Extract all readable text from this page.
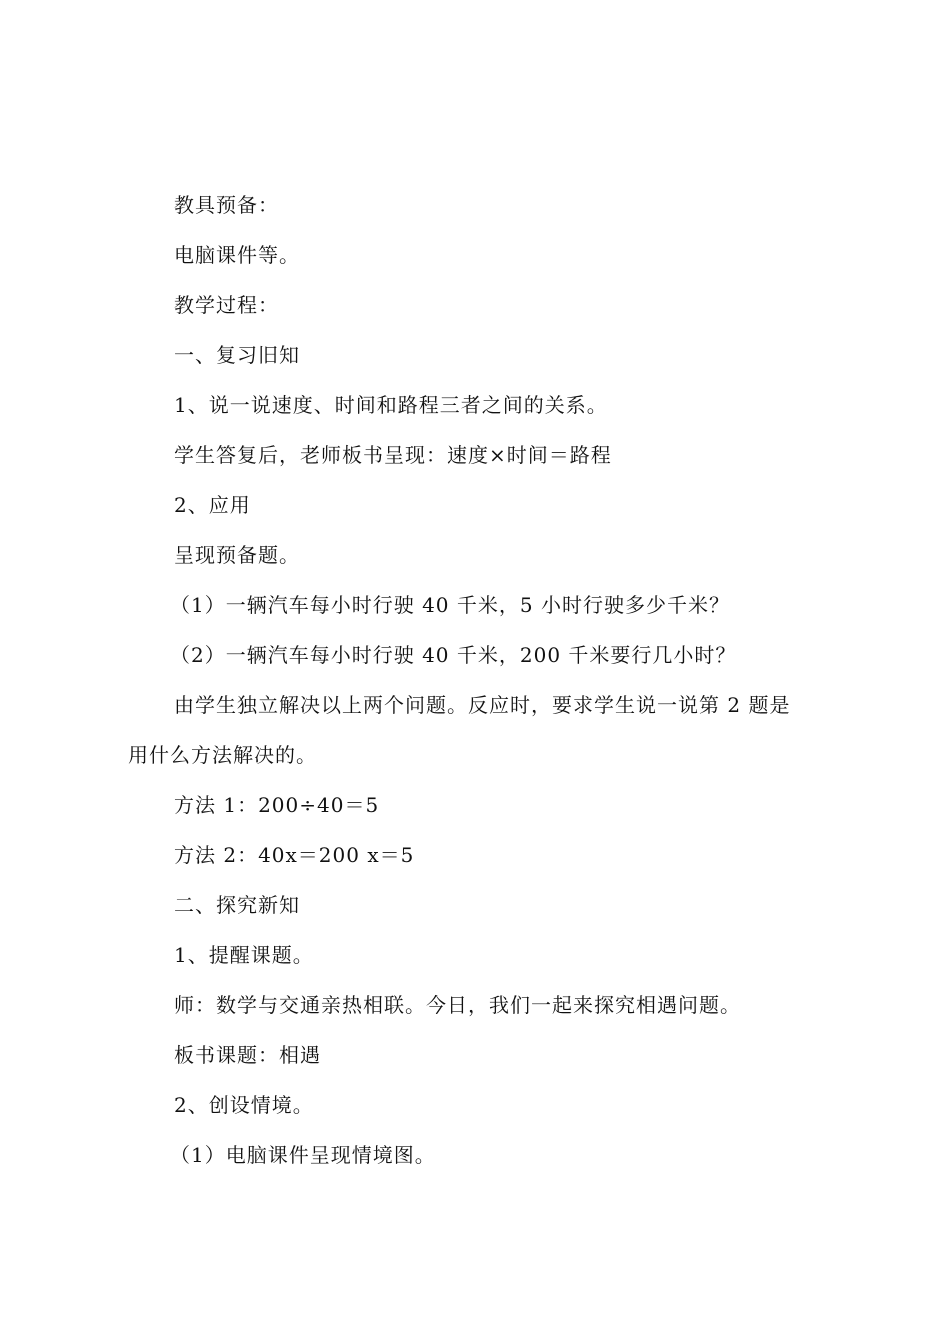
教具预备：
电脑课件等。
教学过程：
一、复习旧知
1、说一说速度、时间和路程三者之间的关系。
学生答复后，老师板书呈现：速度×时间＝路程
2、应用
呈现预备题。
（1）一辆汽车每小时行驶 40 千米，5 小时行驶多少千米？
（2）一辆汽车每小时行驶 40 千米，200 千米要行几小时？
由学生独立解决以上两个问题。反应时，要求学生说一说第 2 题是
用什么方法解决的。
方法 1：200÷40＝5
方法 2：40x＝200 x＝5
二、探究新知
1、提醒课题。
师：数学与交通亲热相联。今日，我们一起来探究相遇问题。
板书课题：相遇
2、创设情境。
（1）电脑课件呈现情境图。
